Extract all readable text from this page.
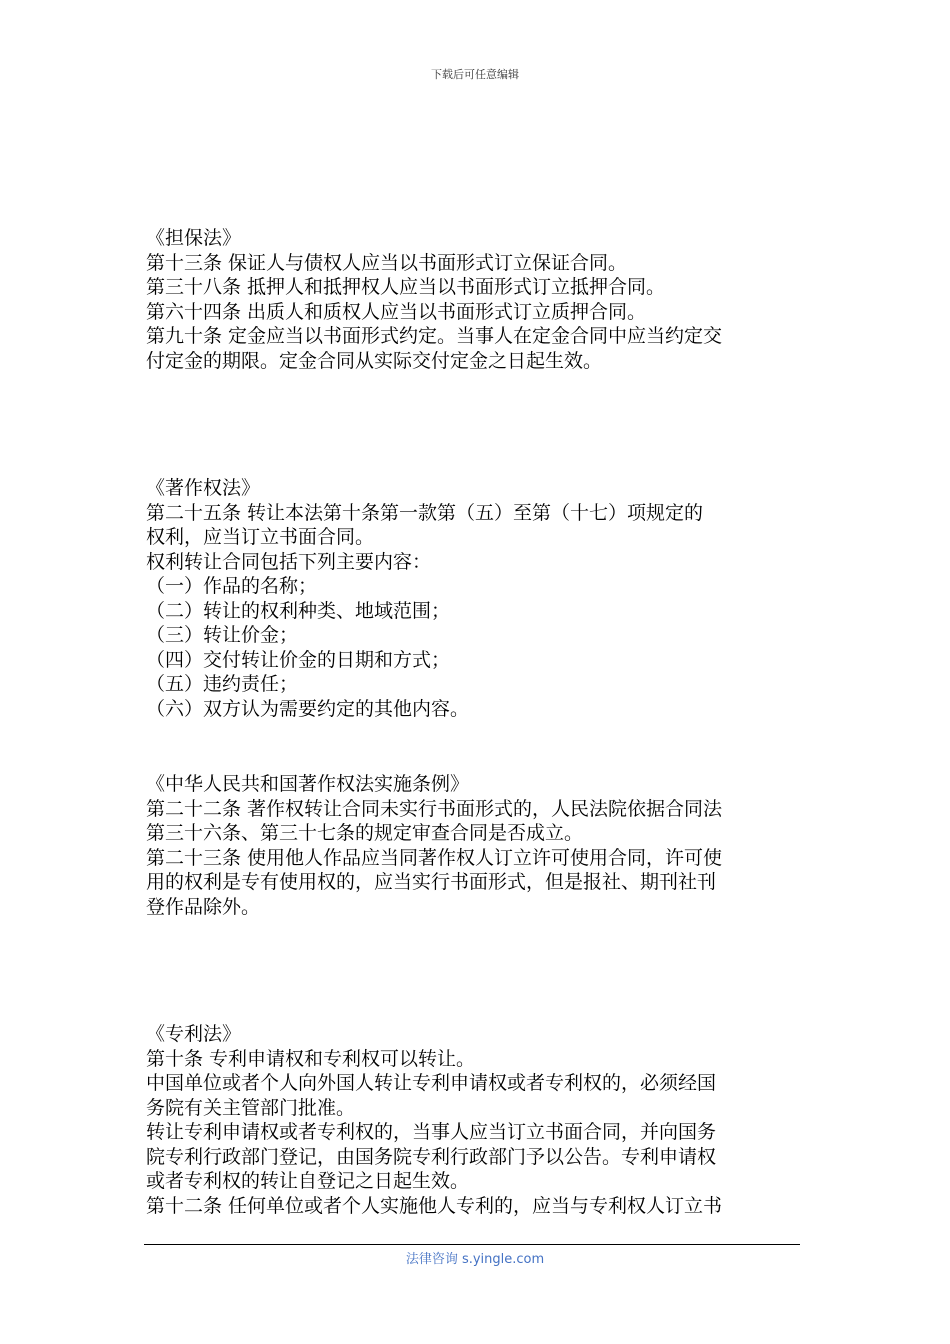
下载后可任意编辑
《担保法》
第十三条 保证人与债权人应当以书面形式订立保证合同。
第三十八条 抵押人和抵押权人应当以书面形式订立抵押合同。
第六十四条 出质人和质权人应当以书面形式订立质押合同。
第九十条 定金应当以书面形式约定。当事人在定金合同中应当约定交
付定金的期限。定金合同从实际交付定金之日起生效。
《著作权法》
第二十五条 转让本法第十条第一款第（五）至第（十七）项规定的
权利，应当订立书面合同。
权利转让合同包括下列主要内容：
（一）作品的名称；
（二）转让的权利种类、地域范围；
（三）转让价金；
（四）交付转让价金的日期和方式；
（五）违约责任；
（六）双方认为需要约定的其他内容。
《中华人民共和国著作权法实施条例》
第二十二条 著作权转让合同未实行书面形式的，人民法院依据合同法
第三十六条、第三十七条的规定审查合同是否成立。
第二十三条 使用他人作品应当同著作权人订立许可使用合同，许可使
用的权利是专有使用权的，应当实行书面形式，但是报社、期刊社刊
登作品除外。
《专利法》
第十条 专利申请权和专利权可以转让。
中国单位或者个人向外国人转让专利申请权或者专利权的，必须经国
务院有关主管部门批准。
转让专利申请权或者专利权的，当事人应当订立书面合同，并向国务
院专利行政部门登记，由国务院专利行政部门予以公告。专利申请权
或者专利权的转让自登记之日起生效。
第十二条 任何单位或者个人实施他人专利的，应当与专利权人订立书
法律咨询 s.yingle.com
